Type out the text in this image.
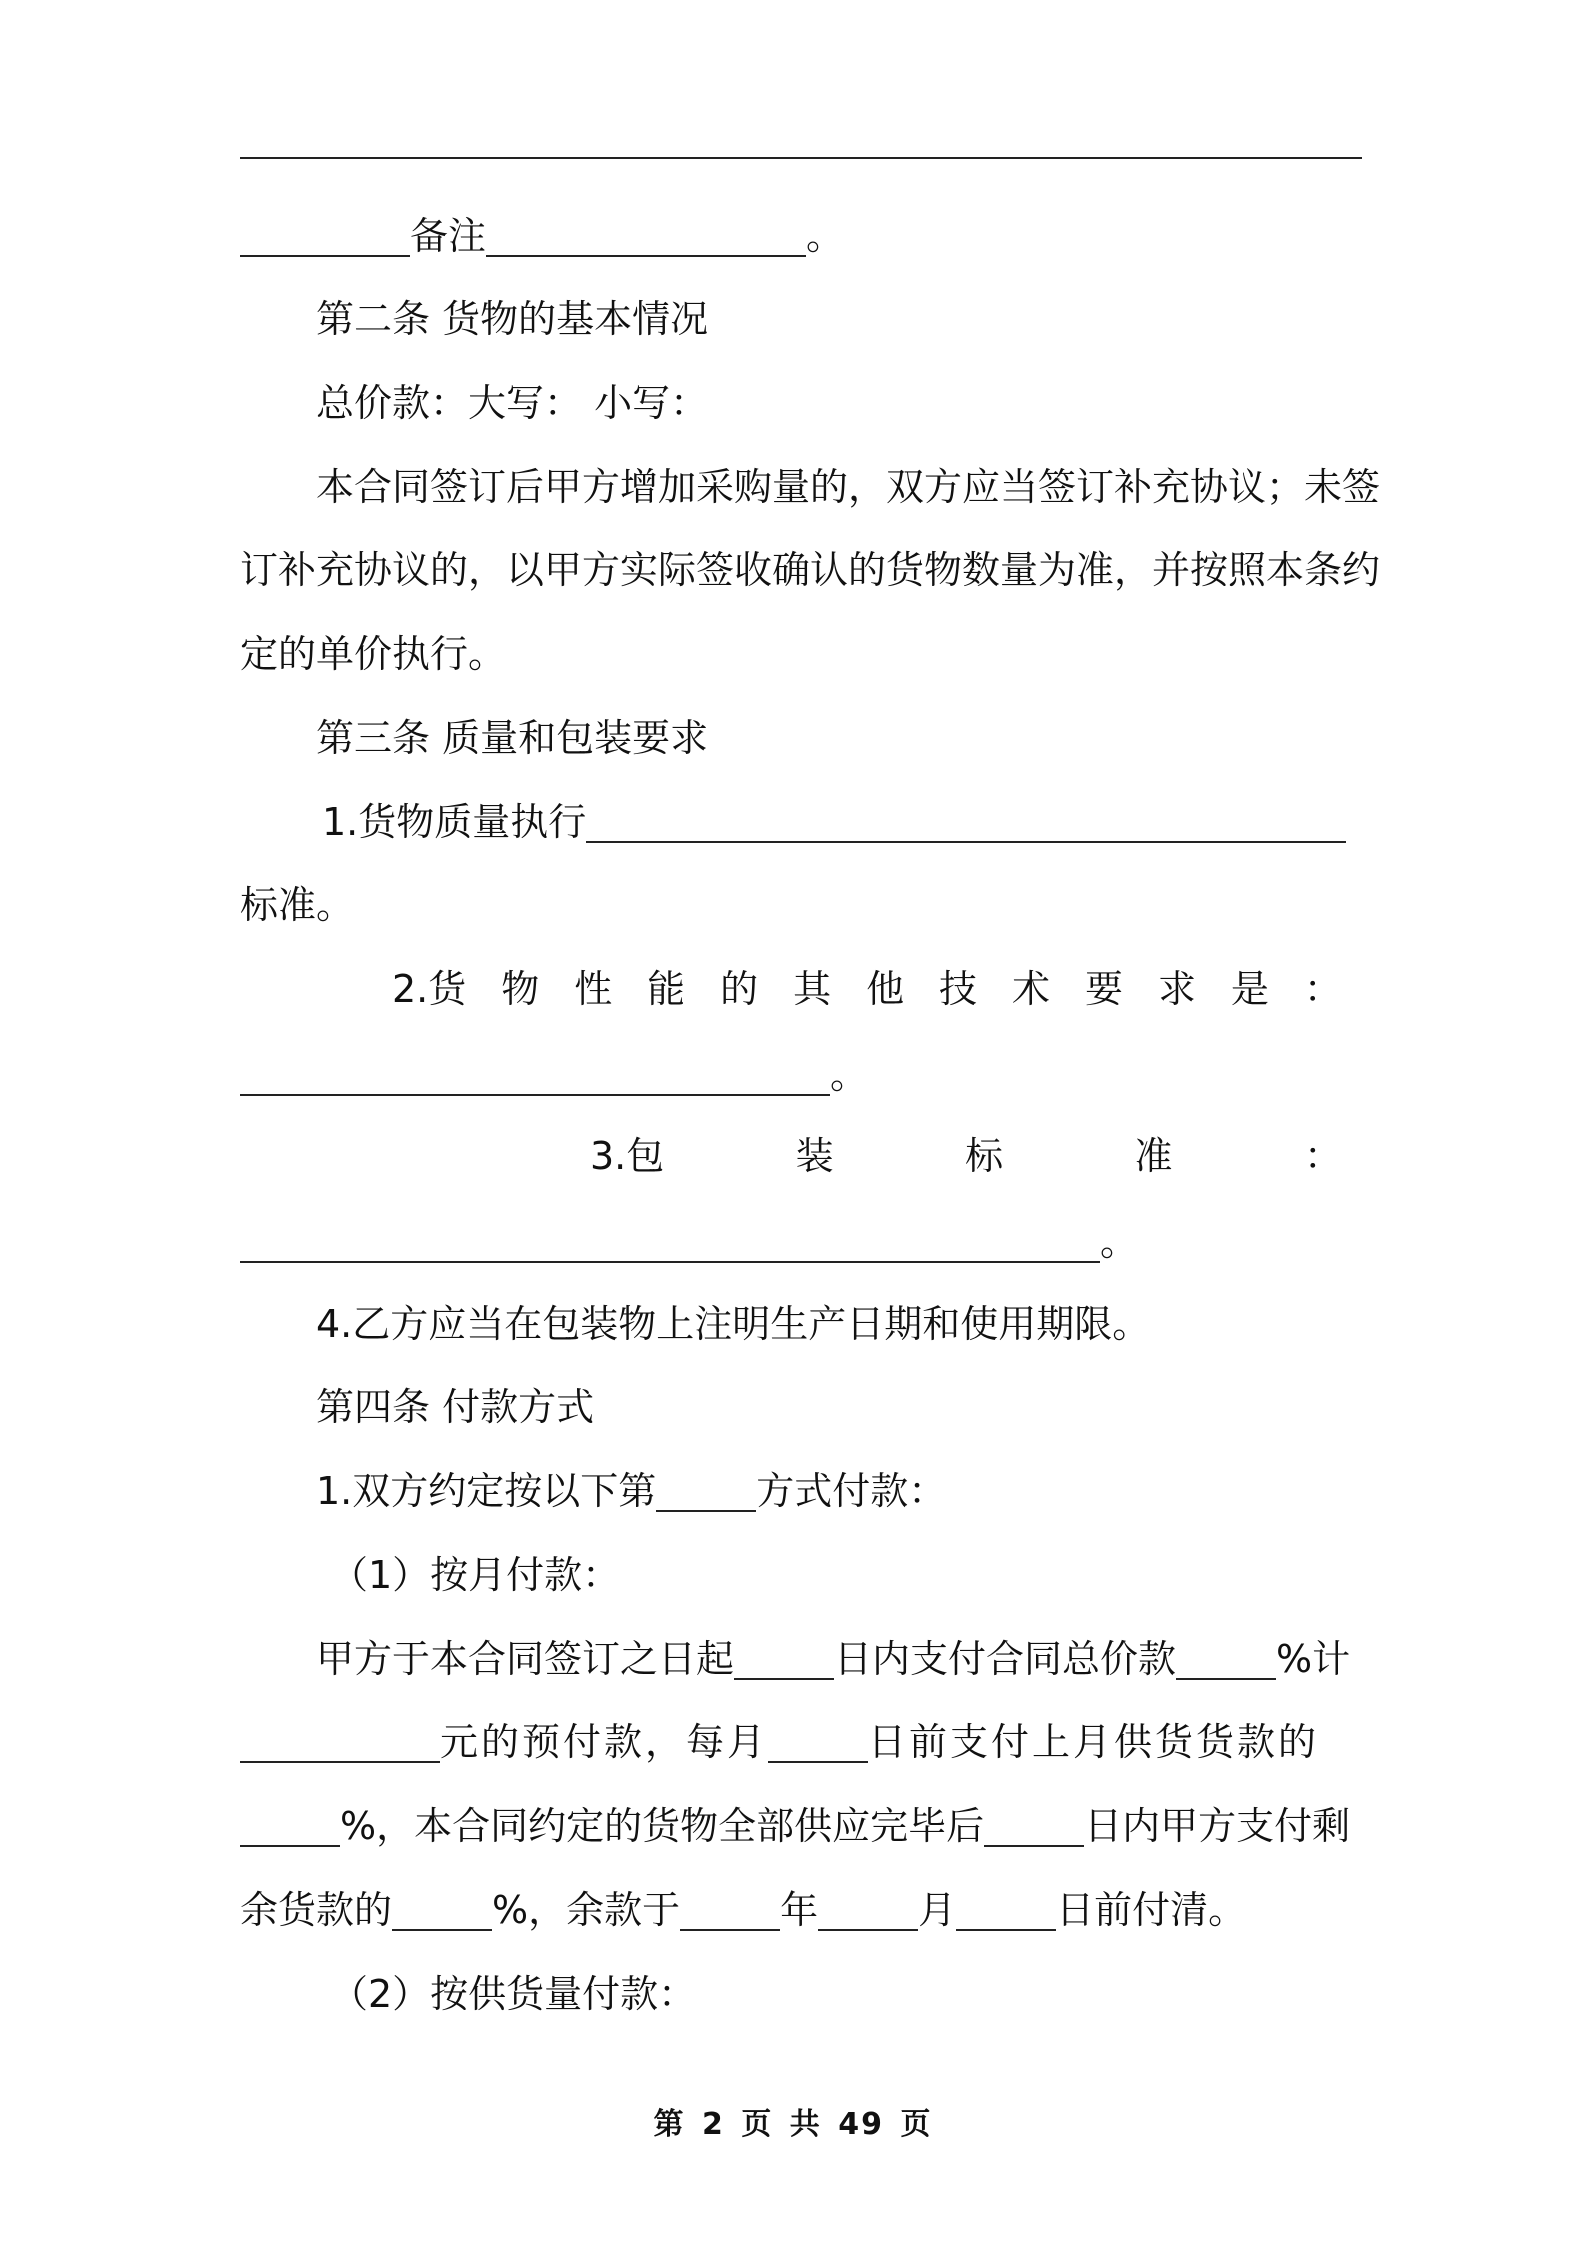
备注	。
第二条 货物的基本情况
总价款：大写： 小写：
本合同签订后甲方增加采购量的，双方应当签订补充协议；未签
订补充协议的，以甲方实际签收确认的货物数量为准，并按照本条约
定的单价执行。
第三条 质量和包装要求
1.货物质量执行
标准。
2.货 物 性 能 的 其 他 技 术 要 求 是 ：
。
3.包	装	标	准	：
。
4.乙方应当在包装物上注明生产日期和使用期限。
第四条 付款方式
1.双方约定按以下第	方式付款：
（1）按月付款：
甲方于本合同签订之日起	日内支付合同总价款	%计
元的预付款，每月	日前支付上月供货货款的
%，本合同约定的货物全部供应完毕后	日内甲方支付剩
余货款的	%，余款于	年	月	日前付清。
（2）按供货量付款：
第 2 页 共 49 页
